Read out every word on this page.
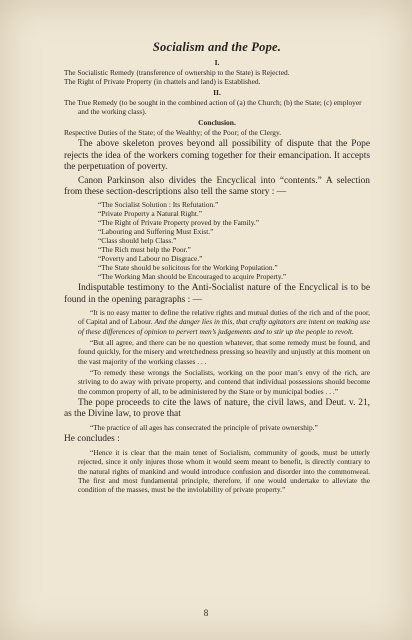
Socialism and the Pope.
I.

The Socialistic Remedy (transference of ownership to the State) is Rejected.

The Right of Private Property (in chattels and land) is Established.

II.

The True Remedy (to be sought in the combined action of (a) the Church; (b) the State; (c) employer and the working class).

Conclusion.

Respective Duties of the State; of the Wealthy; of the Poor; of the Clergy.

The above skeleton proves beyond all possibility of dispute that the Pope rejects the idea of the workers coming together for their emancipation. It accepts the perpetuation of poverty.

Canon Parkinson also divides the Encyclical into “contents.” A selection from these section-descriptions also tell the same story : —

“The Socialist Solution : Its Refutation.”
“Private Property a Natural Right.”
“The Right of Private Property proved by the Family.”
“Labouring and Suffering Must Exist.”
“Class should help Class.”
“The Rich must help the Poor.”
“Poverty and Labour no Disgrace.”
“The State should be solicitous for the Working Population.”
“The Working Man should be Encouraged to acquire Property.”

Indisputable testimony to the Anti-Socialist nature of the Encyclical is to be found in the opening paragraphs : —

“It is no easy matter to define the relative rights and mutual duties of the rich and of the poor, of Capital and of Labour. And the danger lies in this, that crafty agitators are intent on making use of these differences of opinion to pervert men’s judgements and to stir up the people to revolt.

“But all agree, and there can be no question whatever, that some remedy must be found, and found quickly, for the misery and wretchedness pressing so heavily and unjustly at this moment on the vast majority of the working classes . . .

“To remedy these wrongs the Socialists, working on the poor man’s envy of the rich, are striving to do away with private property, and contend that individual possessions should become the common property of all, to be administered by the State or by municipal bodies . . .”

The pope proceeds to cite the laws of nature, the civil laws, and Deut. v. 21, as the Divine law, to prove that

“The practice of all ages has consecrated the principle of private ownership.”

He concludes :

“Hence it is clear that the main tenet of Socialism, community of goods, must be utterly rejected, since it only injures those whom it would seem meant to benefit, is directly contrary to the natural rights of mankind and would introduce confusion and disorder into the commonweal. The first and most fundamental principle, therefore, if one would undertake to alleviate the condition of the masses, must be the inviolability of private property.”

8
